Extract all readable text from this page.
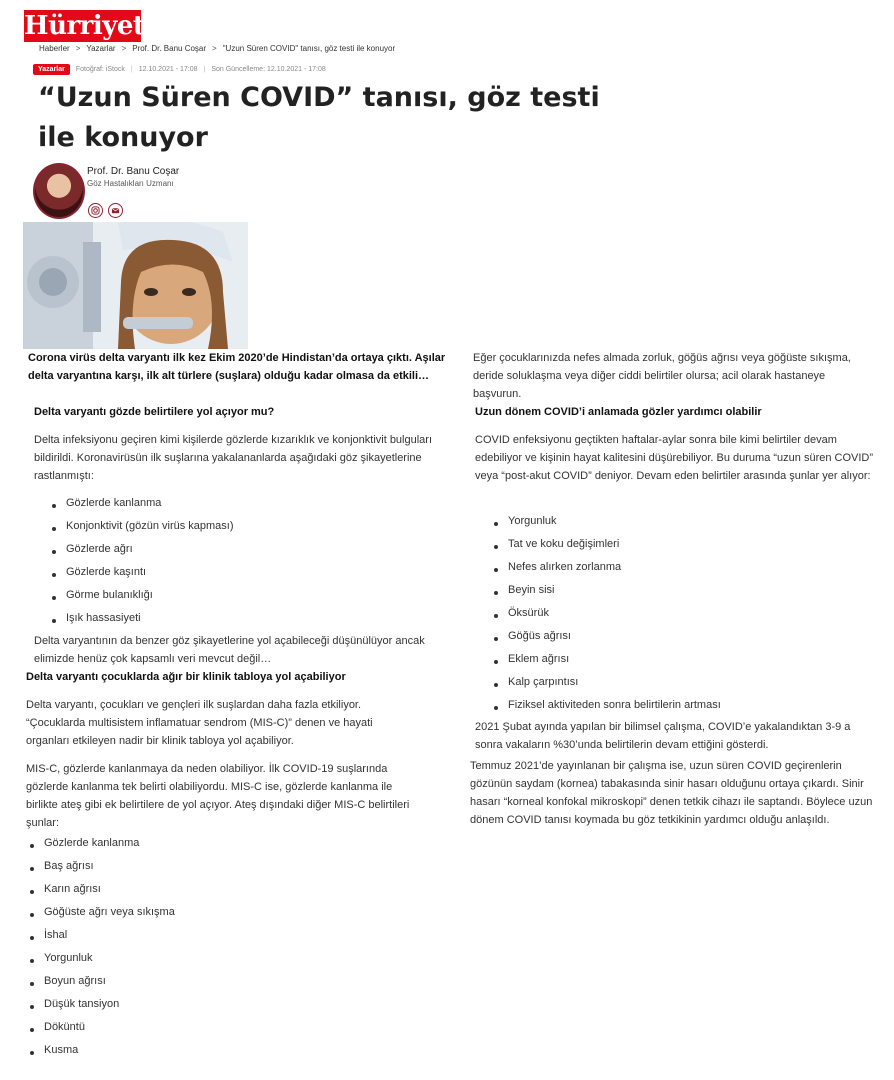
Hürriyet
Haberler > Yazarlar > Prof. Dr. Banu Coşar > "Uzun Süren COVID" tanısı, göz testi ile konuyor
Yazarlar	Fotoğraf: iStock | 12.10.2021 - 17:08 | Son Güncelleme: 12.10.2021 - 17:08
“Uzun Süren COVID” tanısı, göz testi ile konuyor
Prof. Dr. Banu Coşar
Göz Hastalıkları Uzmanı
Corona virüs delta varyantı ilk kez Ekim 2020’de Hindistan’da ortaya çıktı. Aşılar delta varyantına karşı, ilk alt türlere (suşlara) olduğu kadar olmasa da etkili…
Delta varyantı gözde belirtilere yol açıyor mu?
Delta infeksiyonu geçiren kimi kişilerde gözlerde kızarıklık ve konjonktivit bulguları bildirildi. Koronavirüsün ilk suşlarına yakalananlarda aşağıdaki göz şikayetlerine rastlanmıştı:
Gözlerde kanlanma
Konjonktivit (gözün virüs kapması)
Gözlerde ağrı
Gözlerde kaşıntı
Görme bulanıklığı
Işık hassasiyeti
Delta varyantının da benzer göz şikayetlerine yol açabileceği düşünülüyor ancak elimizde henüz çok kapsamlı veri mevcut değil…
Delta varyantı çocuklarda ağır bir klinik tabloya yol açabiliyor
Delta varyantı, çocukları ve gençleri ilk suşlardan daha fazla etkiliyor. “Çocuklarda multisistem inflamatuar sendrom (MIS-C)” denen ve hayati organları etkileyen nadir bir klinik tabloya yol açabiliyor.
MIS-C, gözlerde kanlanmaya da neden olabiliyor. İlk COVID-19 suşlarında gözlerde kanlanma tek belirti olabiliyordu. MIS-C ise, gözlerde kanlanma ile birlikte ateş gibi ek belirtilere de yol açıyor. Ateş dışındaki diğer MIS-C belirtileri şunlar:
Gözlerde kanlanma
Baş ağrısı
Karın ağrısı
Göğüste ağrı veya sıkışma
İshal
Yorgunluk
Boyun ağrısı
Düşük tansiyon
Döküntü
Kusma
Eğer çocuklarınızda nefes almada zorluk, göğüs ağrısı veya göğüste sıkışma, deride soluklaşma veya diğer ciddi belirtiler olursa; acil olarak hastaneye başvurun.
Uzun dönem COVID’i anlamada gözler yardımcı olabilir
COVID enfeksiyonu geçtikten haftalar-aylar sonra bile kimi belirtiler devam edebiliyor ve kişinin hayat kalitesini düşürebiliyor. Bu duruma “uzun süren COVID” veya “post-akut COVID” deniyor. Devam eden belirtiler arasında şunlar yer alıyor:
Yorgunluk
Tat ve koku değişimleri
Nefes alırken zorlanma
Beyin sisi
Öksürük
Göğüs ağrısı
Eklem ağrısı
Kalp çarpıntısı
Fiziksel aktiviteden sonra belirtilerin artması
2021 Şubat ayında yapılan bir bilimsel çalışma, COVID’e yakalandıktan 3-9 a sonra vakaların %30’unda belirtilerin devam ettiğini gösterdi.
Temmuz 2021’de yayınlanan bir çalışma ise, uzun süren COVID geçirenlerin gözünün saydam (kornea) tabakasında sinir hasarı olduğunu ortaya çıkardı. Sinir hasarı “korneal konfokal mikroskopi” denen tetkik cihazı ile saptandı. Böylece uzun dönem COVID tanısı koymada bu göz tetkikinin yardımcı olduğu anlaşıldı.
